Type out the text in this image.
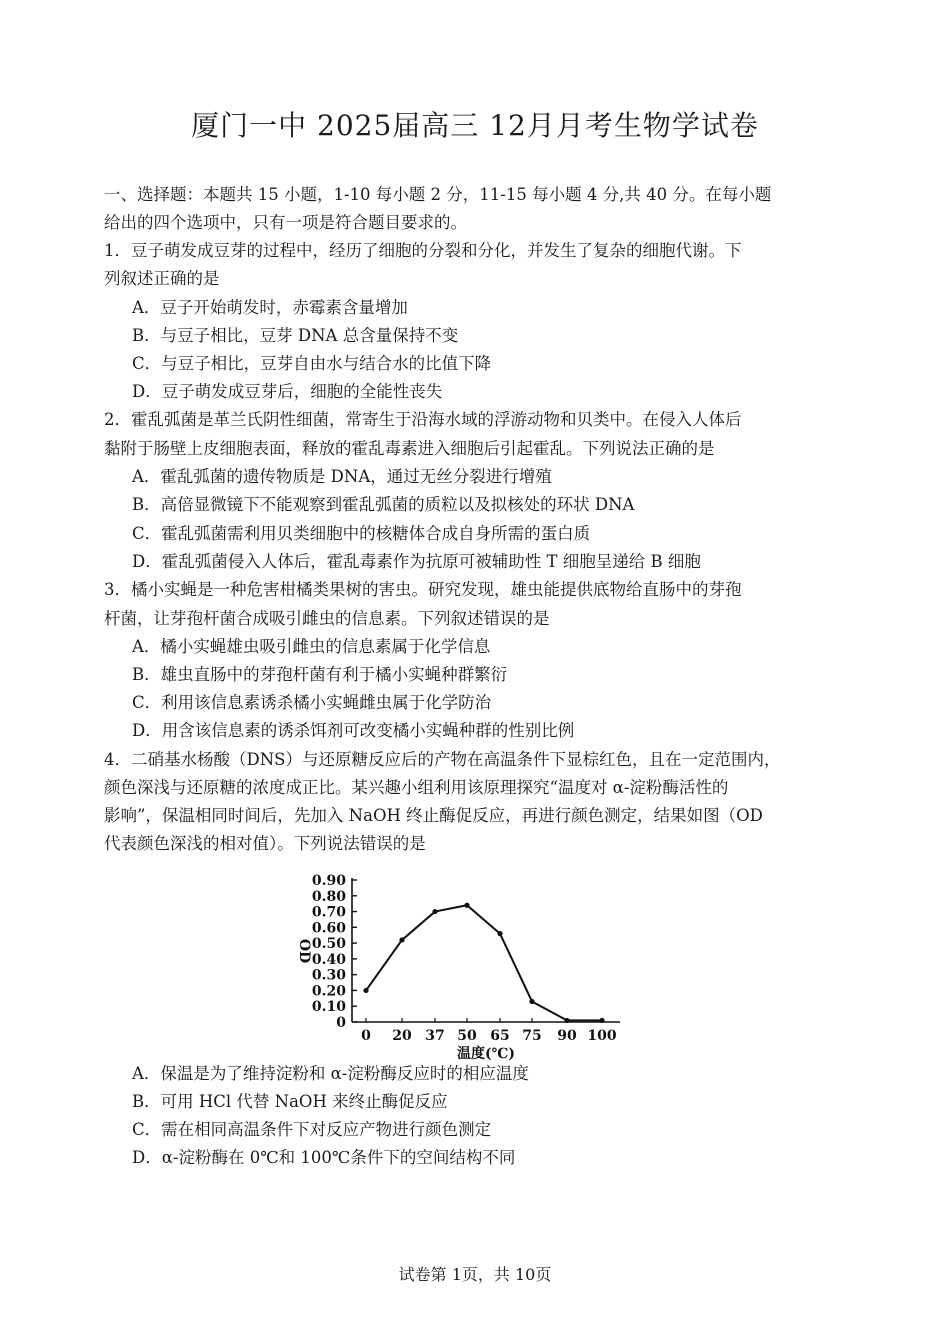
厦门一中 2025届高三 12月月考生物学试卷
一、选择题：本题共 15 小题，1-10 每小题 2 分，11-15 每小题 4 分,共 40 分。在每小题
给出的四个选项中，只有一项是符合题目要求的。
1．豆子萌发成豆芽的过程中，经历了细胞的分裂和分化，并发生了复杂的细胞代谢。下
列叙述正确的是
A．豆子开始萌发时，赤霉素含量增加
B．与豆子相比，豆芽 DNA 总含量保持不变
C．与豆子相比，豆芽自由水与结合水的比值下降
D．豆子萌发成豆芽后，细胞的全能性丧失
2．霍乱弧菌是革兰氏阴性细菌，常寄生于沿海水域的浮游动物和贝类中。在侵入人体后
黏附于肠壁上皮细胞表面，释放的霍乱毒素进入细胞后引起霍乱。下列说法正确的是
A．霍乱弧菌的遗传物质是 DNA，通过无丝分裂进行增殖
B．高倍显微镜下不能观察到霍乱弧菌的质粒以及拟核处的环状 DNA
C．霍乱弧菌需利用贝类细胞中的核糖体合成自身所需的蛋白质
D．霍乱弧菌侵入人体后，霍乱毒素作为抗原可被辅助性 T 细胞呈递给 B 细胞
3．橘小实蝇是一种危害柑橘类果树的害虫。研究发现，雄虫能提供底物给直肠中的芽孢
杆菌，让芽孢杆菌合成吸引雌虫的信息素。下列叙述错误的是
A．橘小实蝇雄虫吸引雌虫的信息素属于化学信息
B．雄虫直肠中的芽孢杆菌有利于橘小实蝇种群繁衍
C．利用该信息素诱杀橘小实蝇雌虫属于化学防治
D．用含该信息素的诱杀饵剂可改变橘小实蝇种群的性别比例
4．二硝基水杨酸（DNS）与还原糖反应后的产物在高温条件下显棕红色，且在一定范围内，
颜色深浅与还原糖的浓度成正比。某兴趣小组利用该原理探究“温度对 α-淀粉酶活性的
影响”，保温相同时间后，先加入 NaOH 终止酶促反应，再进行颜色测定，结果如图（OD
代表颜色深浅的相对值）。下列说法错误的是
0.90
0.80
0.70
0.60
0.50
0.40
0.30
0.20
0.10
0
0 20 37 50 65 75 90 100
温度(℃)
OD
A．保温是为了维持淀粉和 α-淀粉酶反应时的相应温度
B．可用 HCl 代替 NaOH 来终止酶促反应
C．需在相同高温条件下对反应产物进行颜色测定
D．α-淀粉酶在 0℃和 100℃条件下的空间结构不同
试卷第 1页，共 10页
